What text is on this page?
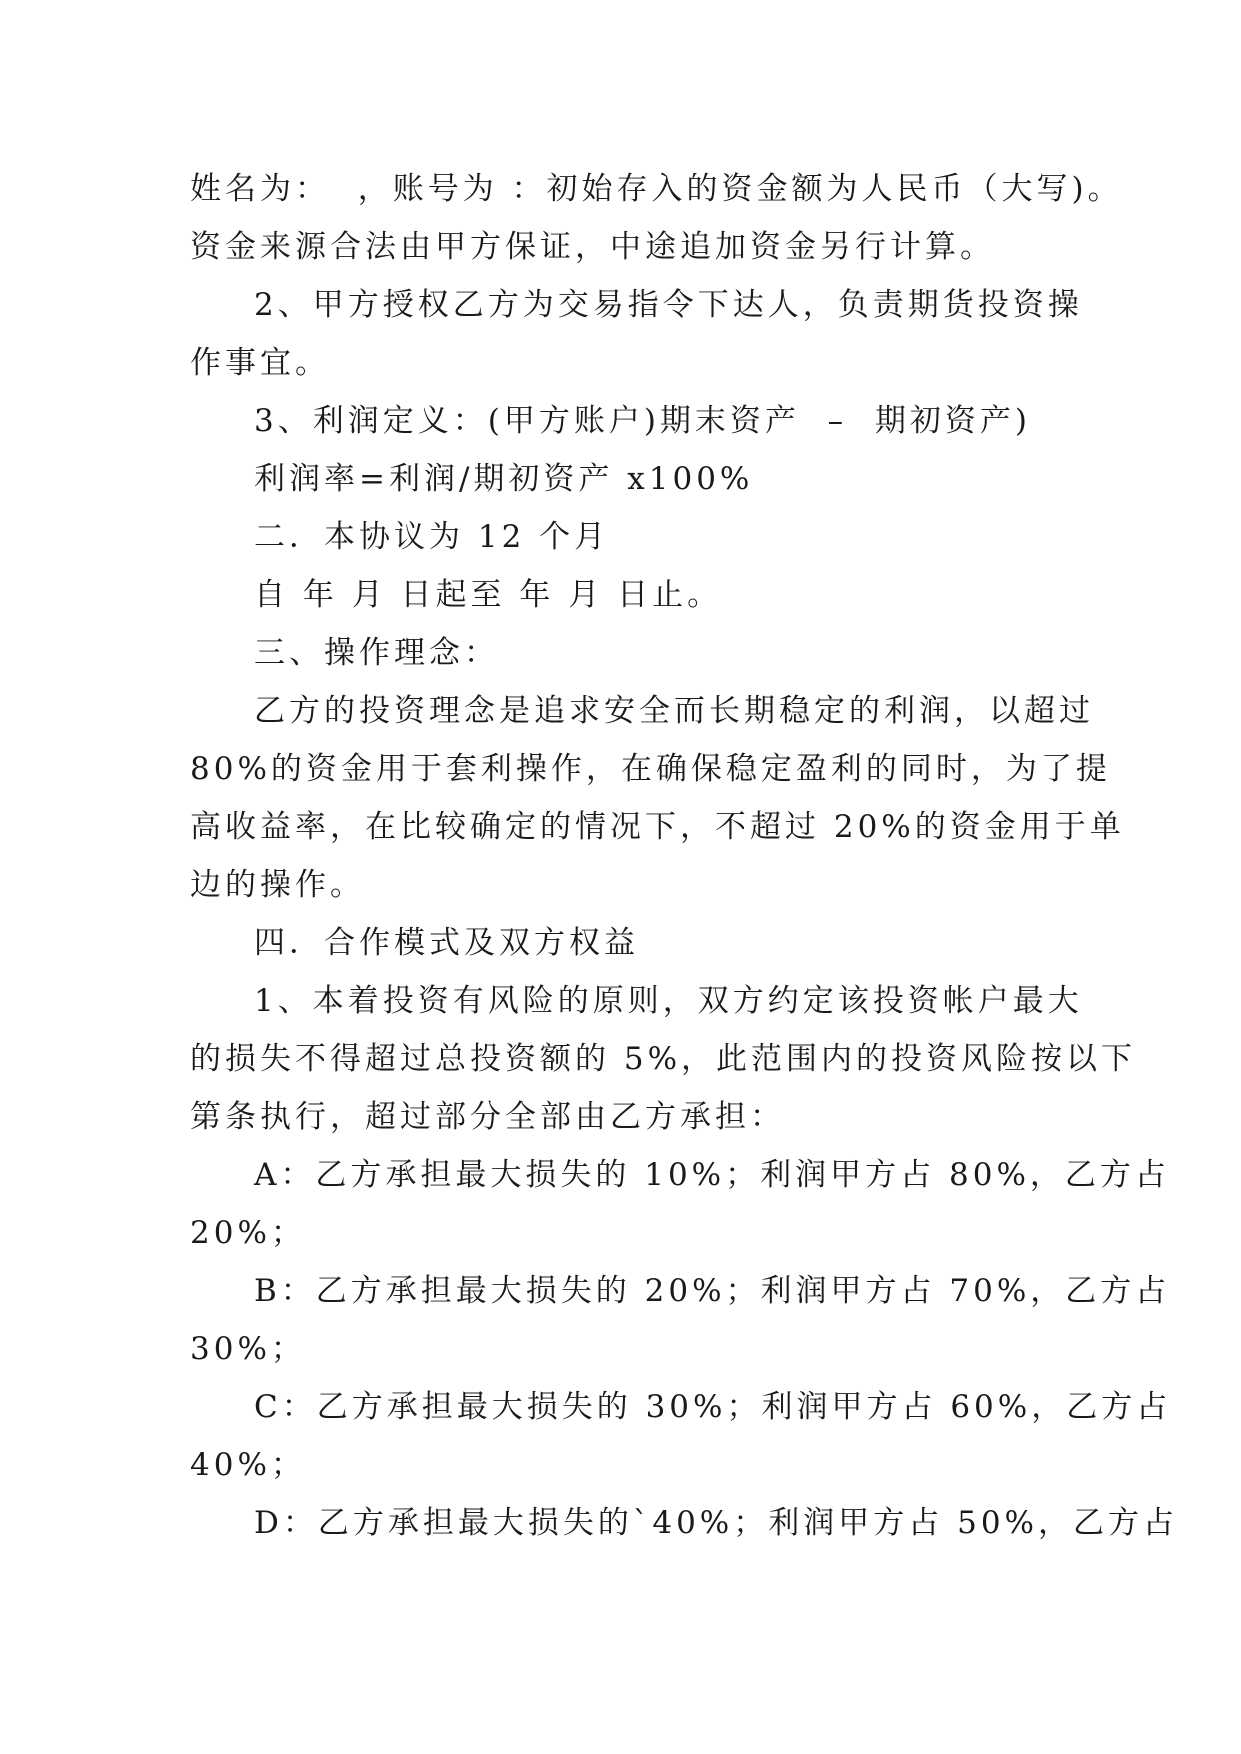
姓名为：  ，账号为 ：初始存入的资金额为人民币（大写)。

资金来源合法由甲方保证，中途追加资金另行计算。

2、甲方授权乙方为交易指令下达人，负责期货投资操

作事宜。

3、利润定义：(甲方账户)期末资产  –  期初资产)

利润率=利润/期初资产 x100%

二．本协议为 12 个月

自 年 月 日起至 年 月 日止。

三、操作理念：

乙方的投资理念是追求安全而长期稳定的利润，以超过

80%的资金用于套利操作，在确保稳定盈利的同时，为了提

高收益率，在比较确定的情况下，不超过 20%的资金用于单

边的操作。

四．合作模式及双方权益

1、本着投资有风险的原则，双方约定该投资帐户最大

的损失不得超过总投资额的 5%，此范围内的投资风险按以下

第条执行，超过部分全部由乙方承担：

A：乙方承担最大损失的 10%；利润甲方占 80%，乙方占

20%；

B：乙方承担最大损失的 20%；利润甲方占 70%，乙方占

30%；

C：乙方承担最大损失的 30%；利润甲方占 60%，乙方占

40%；

D：乙方承担最大损失的`40%；利润甲方占 50%，乙方占
